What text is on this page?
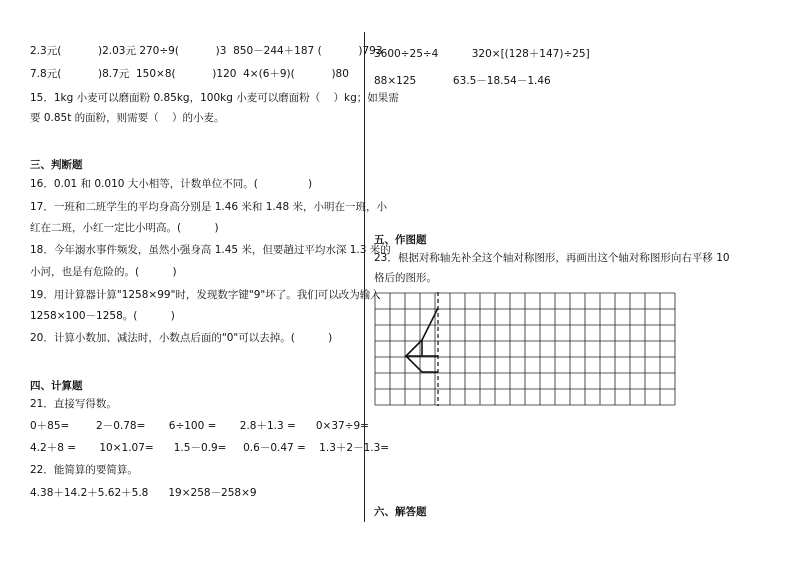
2.3元(           )2.03元 270÷9(           )3  850－244＋187 (           )793
7.8元(           )8.7元  150×8(           )120  4×(6＋9)(           )80
15．1kg 小麦可以磨面粉 0.85kg，100kg 小麦可以磨面粉（    ）kg；如果需
要 0.85t 的面粉，则需要（    ）的小麦。
三、判断题
16．0.01 和 0.010 大小相等，计数单位不同。(               )
17．一班和二班学生的平均身高分别是 1.46 米和 1.48 米，小明在一班，小
红在二班，小红一定比小明高。(          )
18．今年溺水事件频发，虽然小强身高 1.45 米，但要趟过平均水深 1.3 米的
小河，也是有危险的。(          )
19．用计算器计算"1258×99"时，发现数字键"9"坏了。我们可以改为输入
1258×100－1258。(          )
20．计算小数加、减法时，小数点后面的"0"可以去掉。(          )
四、计算题
21．直接写得数。
0＋85=        2－0.78=       6÷100 =       2.8＋1.3 =      0×37÷9=
4.2＋8 =       10×1.07=      1.5－0.9=     0.6－0.47 =    1.3＋2－1.3=
22．能简算的要简算。
4.38＋14.2＋5.62＋5.8      19×258－258×9
3600÷25÷4          320×[(128＋147)÷25]
88×125           63.5－18.54－1.46
五、作图题
23．根据对称轴先补全这个轴对称图形，再画出这个轴对称图形向右平移 10
格后的图形。
六、解答题
